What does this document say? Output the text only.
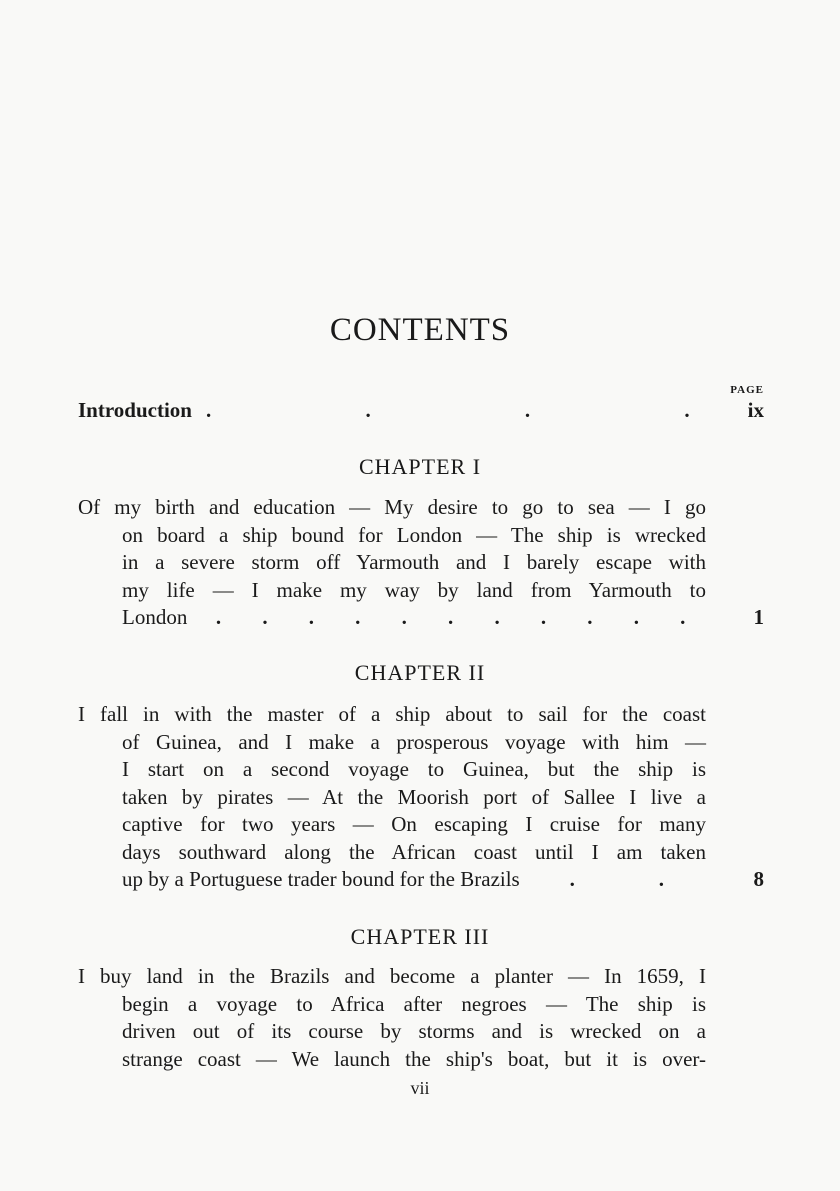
CONTENTS
PAGE
Introduction .	.	.	.	ix
CHAPTER I
Of my birth and education — My desire to go to sea — I go
on board a ship bound for London — The ship is wrecked
in a severe storm off Yarmouth and I barely escape with
my life — I make my way by land from Yarmouth to
London . . . . . . . . . . .	1
CHAPTER II
I fall in with the master of a ship about to sail for the coast
of Guinea, and I make a prosperous voyage with him —
I start on a second voyage to Guinea, but the ship is
taken by pirates — At the Moorish port of Sallee I live a
captive for two years — On escaping I cruise for many
days southward along the African coast until I am taken
up by a Portuguese trader bound for the Brazils .	.	8
CHAPTER III
I buy land in the Brazils and become a planter — In 1659, I
begin a voyage to Africa after negroes — The ship is
driven out of its course by storms and is wrecked on a
strange coast — We launch the ship's boat, but it is over-
vii
